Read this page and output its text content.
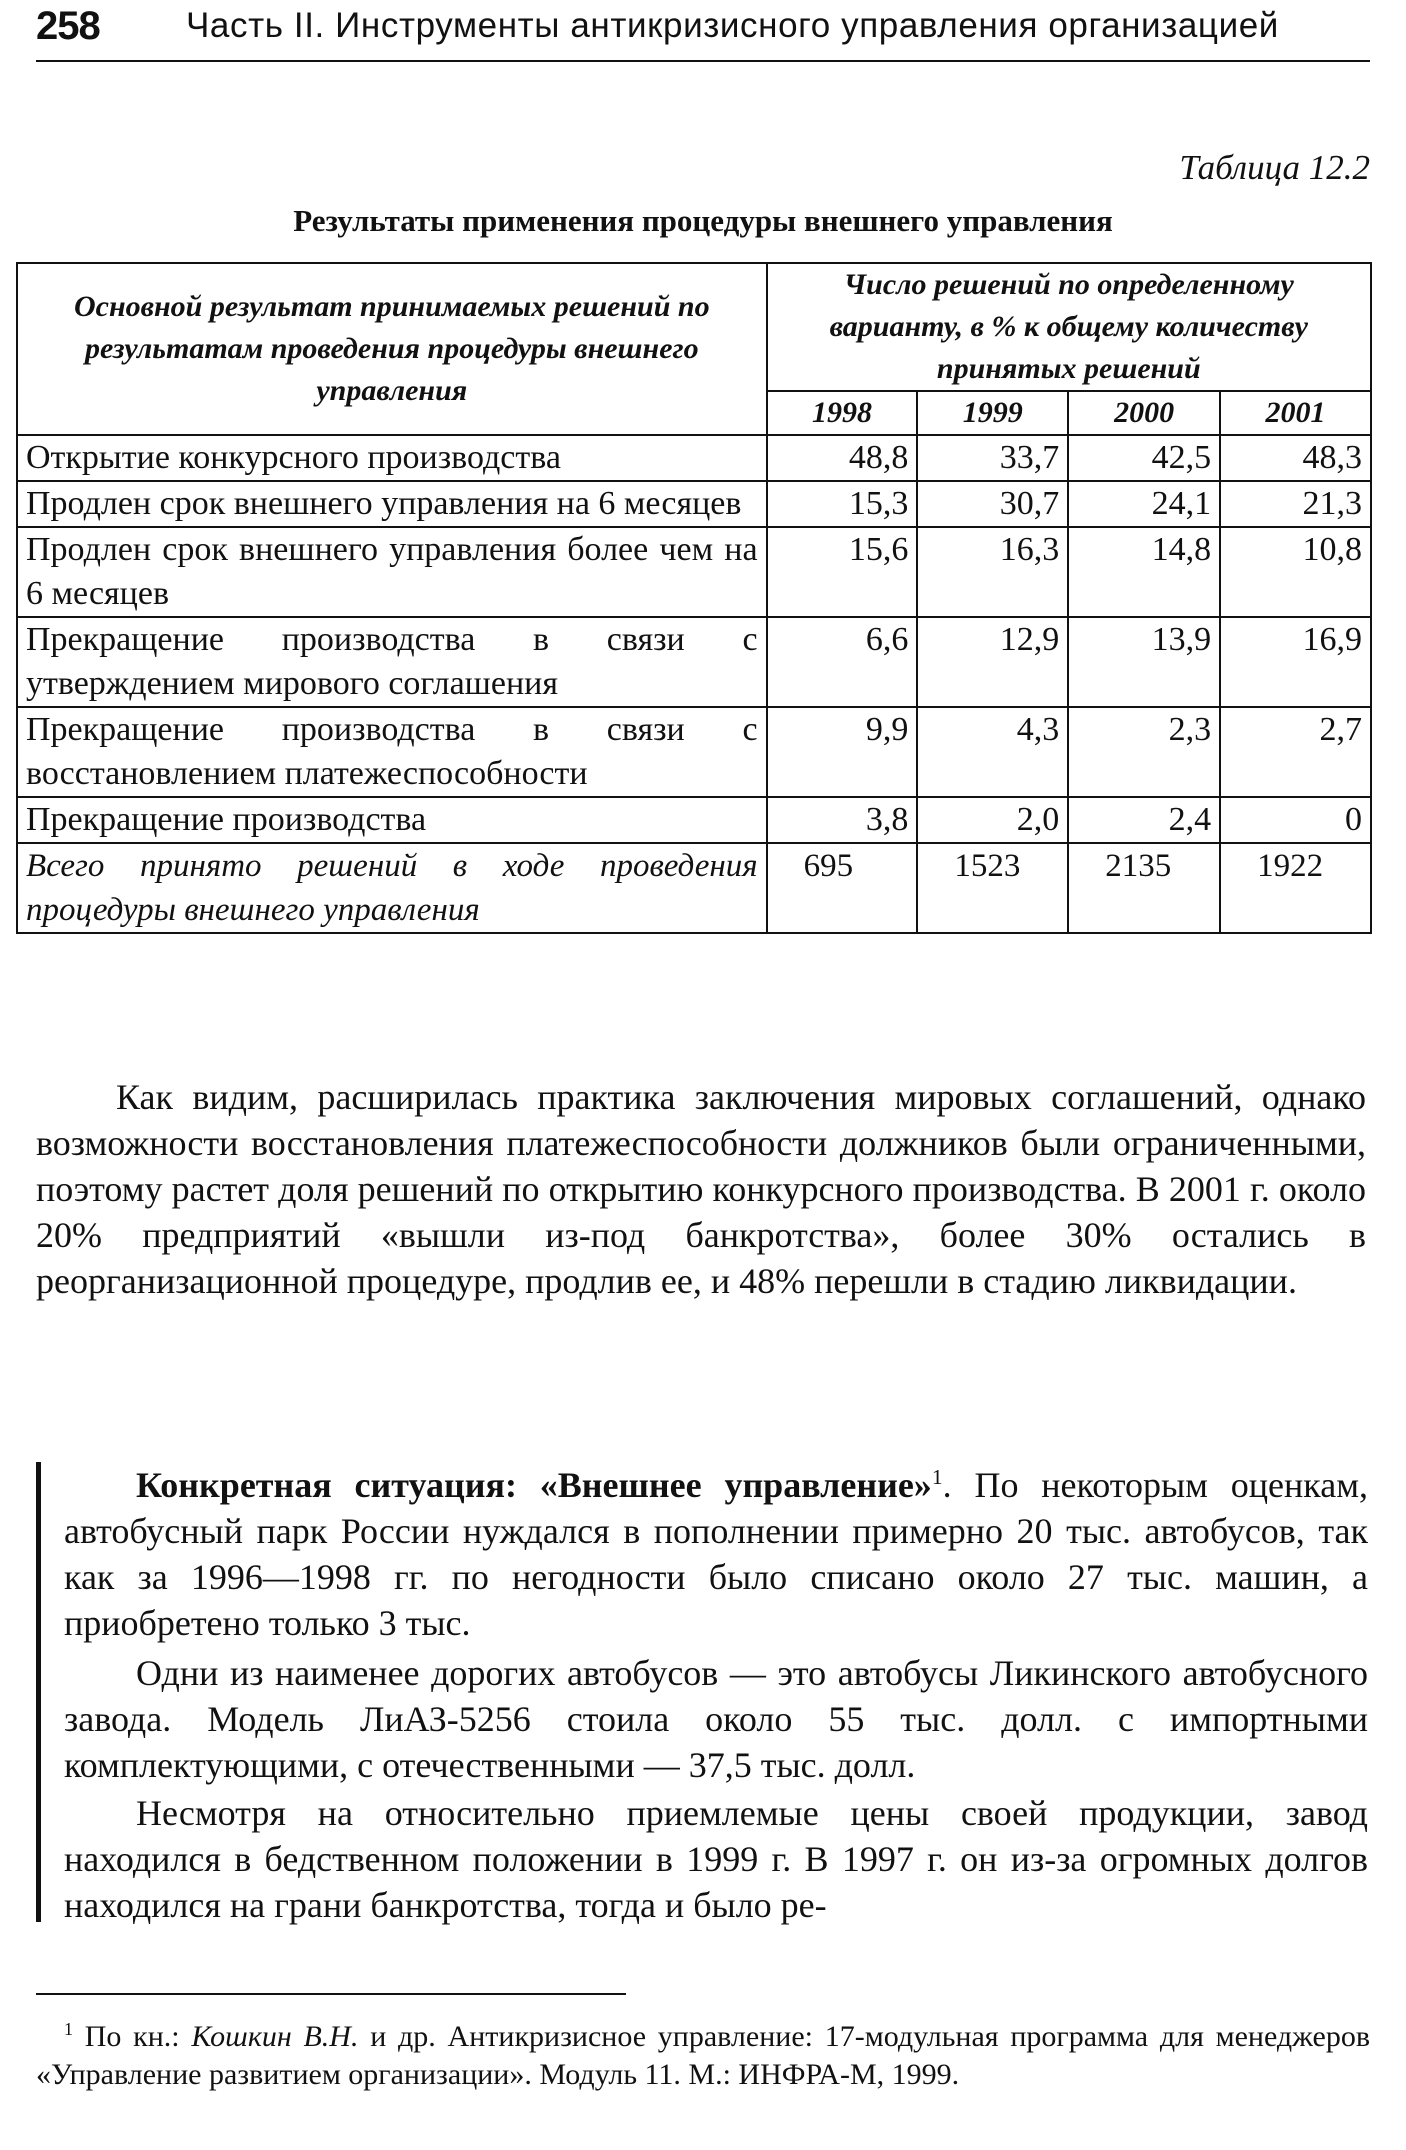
258 Часть II. Инструменты антикризисного управления организацией
Таблица 12.2
Результаты применения процедуры внешнего управления
Основной результат принимаемых решений по результатам проведения процедуры внешнего управления	Число решений по определенному варианту, в % к общему количеству принятых решений			
	1998	1999	2000	2001
Открытие конкурсного производства	48,8	33,7	42,5	48,3
Продлен срок внешнего управления на 6 месяцев	15,3	30,7	24,1	21,3
Продлен срок внешнего управления более чем на 6 месяцев	15,6	16,3	14,8	10,8
Прекращение производства в связи с утверждением мирового соглашения	6,6	12,9	13,9	16,9
Прекращение производства в связи с восстановлением платежеспособности	9,9	4,3	2,3	2,7
Прекращение производства	3,8	2,0	2,4	0
Всего принято решений в ходе проведения процедуры внешнего управления	695	1523	2135	1922

Как видим, расширилась практика заключения мировых соглашений, однако возможности восстановления платежеспособности должников были ограниченными, поэтому растет доля решений по открытию конкурсного производства. В 2001 г. около 20% предприятий «вышли из-под банкротства», более 30% остались в реорганизационной процедуре, продлив ее, и 48% перешли в стадию ликвидации.

Конкретная ситуация: «Внешнее управление»$^1$. По некоторым оценкам, автобусный парк России нуждался в пополнении примерно 20 тыс. автобусов, так как за 1996—1998 гг. по негодности было списано около 27 тыс. машин, а приобретено только 3 тыс.

Одни из наименее дорогих автобусов — это автобусы Ликинского автобусного завода. Модель ЛиАЗ-5256 стоила около 55 тыс. долл. с импортными комплектующими, с отечественными — 37,5 тыс. долл.

Несмотря на относительно приемлемые цены своей продукции, завод находился в бедственном положении в 1999 г. В 1997 г. он из-за огромных долгов находился на грани банкротства, тогда и было ре-

$^1$ По кн.: Кошкин В.Н. и др. Антикризисное управление: 17-модульная программа для менеджеров «Управление развитием организации». Модуль 11. М.: ИНФРА-М, 1999.
